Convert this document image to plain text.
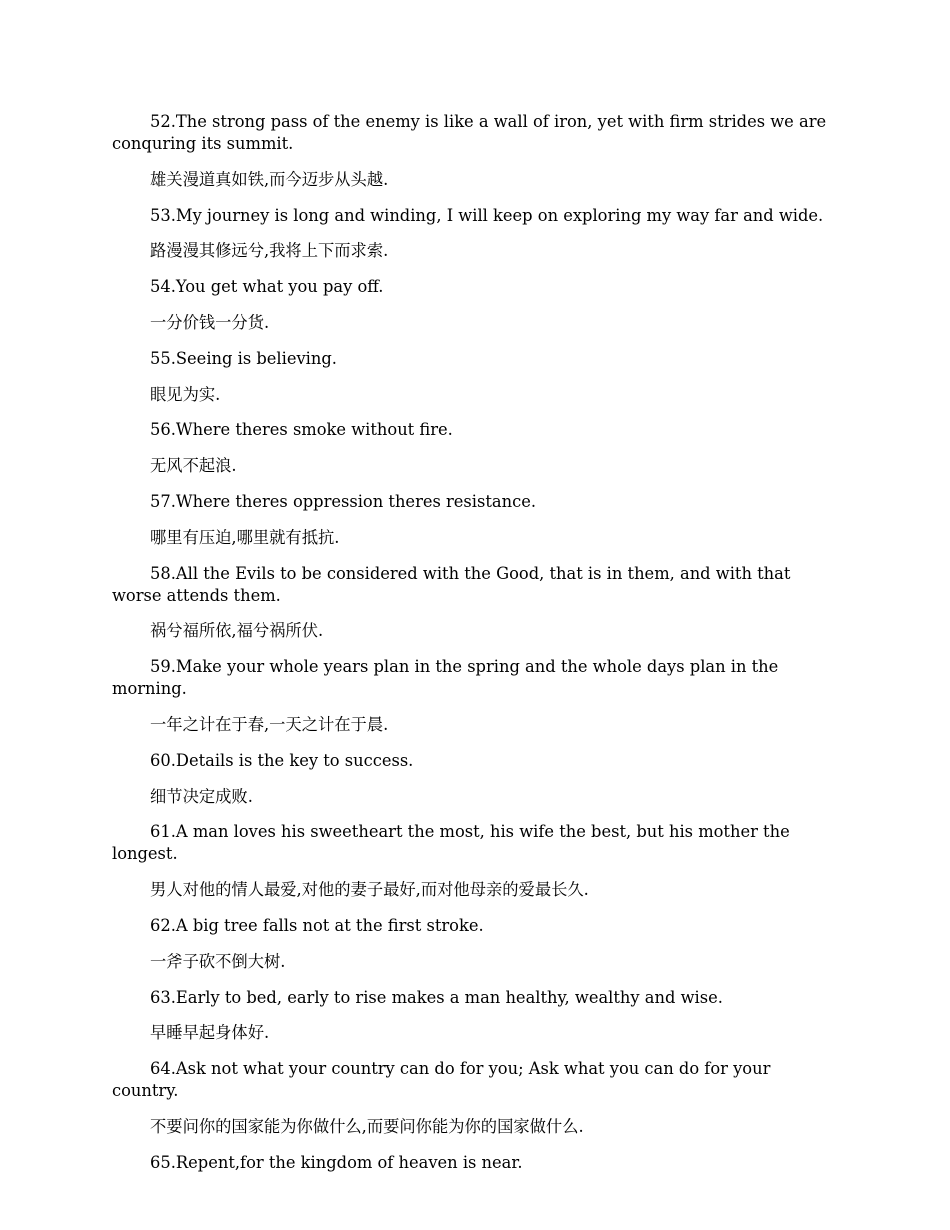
52.The strong pass of the enemy is like a wall of iron, yet with firm strides we are conquring its summit.

雄关漫道真如铁,而今迈步从头越.

53.My journey is long and winding, I will keep on exploring my way far and wide.

路漫漫其修远兮,我将上下而求索.

54.You get what you pay off.

一分价钱一分货.

55.Seeing is believing.

眼见为实.

56.Where theres smoke without fire.

无风不起浪.

57.Where theres oppression theres resistance.

哪里有压迫,哪里就有抵抗.

58.All the Evils to be considered with the Good, that is in them, and with that worse attends them.

祸兮福所依,福兮祸所伏.

59.Make your whole years plan in the spring and the whole days plan in the morning.

一年之计在于春,一天之计在于晨.

60.Details is the key to success.

细节决定成败.

61.A man loves his sweetheart the most, his wife the best, but his mother the longest.

男人对他的情人最爱,对他的妻子最好,而对他母亲的爱最长久.

62.A big tree falls not at the first stroke.

一斧子砍不倒大树.

63.Early to bed, early to rise makes a man healthy, wealthy and wise.

早睡早起身体好.

64.Ask not what your country can do for you; Ask what you can do for your country.

不要问你的国家能为你做什么,而要问你能为你的国家做什么.

65.Repent,for the kingdom of heaven is near.
